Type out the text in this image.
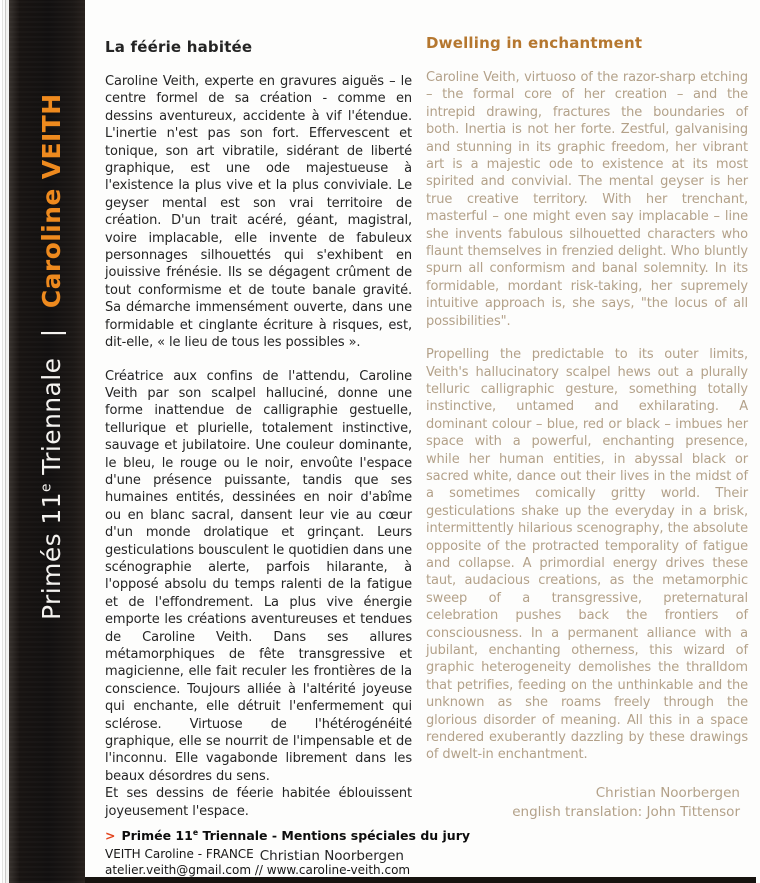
Primés 11e Triennale | Caroline VEITH
La féérie habitée

Caroline Veith, experte en gravures aiguës – le centre formel de sa création - comme en dessins aventureux, accidente à vif l'étendue. L'inertie n'est pas son fort. Effervescent et tonique, son art vibratile, sidérant de liberté graphique, est une ode majestueuse à l'existence la plus vive et la plus conviviale. Le geyser mental est son vrai territoire de création. D'un trait acéré, géant, magistral, voire implacable, elle invente de fabuleux personnages silhouettés qui s'exhibent en jouissive frénésie. Ils se dégagent crûment de tout conformisme et de toute banale gravité. Sa démarche immensément ouverte, dans une formidable et cinglante écriture à risques, est, dit-elle, « le lieu de tous les possibles ».

Créatrice aux confins de l'attendu, Caroline Veith par son scalpel halluciné, donne une forme inattendue de calligraphie gestuelle, tellurique et plurielle, totalement instinctive, sauvage et jubilatoire. Une couleur dominante, le bleu, le rouge ou le noir, envoûte l'espace d'une présence puissante, tandis que ses humaines entités, dessinées en noir d'abîme ou en blanc sacral, dansent leur vie au cœur d'un monde drolatique et grinçant. Leurs gesticulations bousculent le quotidien dans une scénographie alerte, parfois hilarante, à l'opposé absolu du temps ralenti de la fatigue et de l'effondrement. La plus vive énergie emporte les créations aventureuses et tendues de Caroline Veith. Dans ses allures métamorphiques de fête transgressive et magicienne, elle fait reculer les frontières de la conscience. Toujours alliée à l'altérité joyeuse qui enchante, elle détruit l'enfermement qui sclérose. Virtuose de l'hétérogénéité graphique, elle se nourrit de l'impensable et de l'inconnu. Elle vagabonde librement dans les beaux désordres du sens.

Et ses dessins de féerie habitée éblouissent joyeusement l'espace.

Christian Noorbergen
Dwelling in enchantment

Caroline Veith, virtuoso of the razor-sharp etching – the formal core of her creation – and the intrepid drawing, fractures the boundaries of both. Inertia is not her forte. Zestful, galvanising and stunning in its graphic freedom, her vibrant art is a majestic ode to existence at its most spirited and convivial. The mental geyser is her true creative territory. With her trenchant, masterful – one might even say implacable – line she invents fabulous silhouetted characters who flaunt themselves in frenzied delight. Who bluntly spurn all conformism and banal solemnity. In its formidable, mordant risk-taking, her supremely intuitive approach is, she says, "the locus of all possibilities".

Propelling the predictable to its outer limits, Veith's hallucinatory scalpel hews out a plurally telluric calligraphic gesture, something totally instinctive, untamed and exhilarating. A dominant colour – blue, red or black – imbues her space with a powerful, enchanting presence, while her human entities, in abyssal black or sacred white, dance out their lives in the midst of a sometimes comically gritty world. Their gesticulations shake up the everyday in a brisk, intermittently hilarious scenography, the absolute opposite of the protracted temporality of fatigue and collapse. A primordial energy drives these taut, audacious creations, as the metamorphic sweep of a transgressive, preternatural celebration pushes back the frontiers of consciousness. In a permanent alliance with a jubilant, enchanting otherness, this wizard of graphic heterogeneity demolishes the thralldom that petrifies, feeding on the unthinkable and the unknown as she roams freely through the glorious disorder of meaning. All this in a space rendered exuberantly dazzling by these drawings of dwelt-in enchantment.

Christian Noorbergen
english translation: John Tittensor
> Primée 11e Triennale - Mentions spéciales du jury
VEITH Caroline - FRANCE
atelier.veith@gmail.com // www.caroline-veith.com
